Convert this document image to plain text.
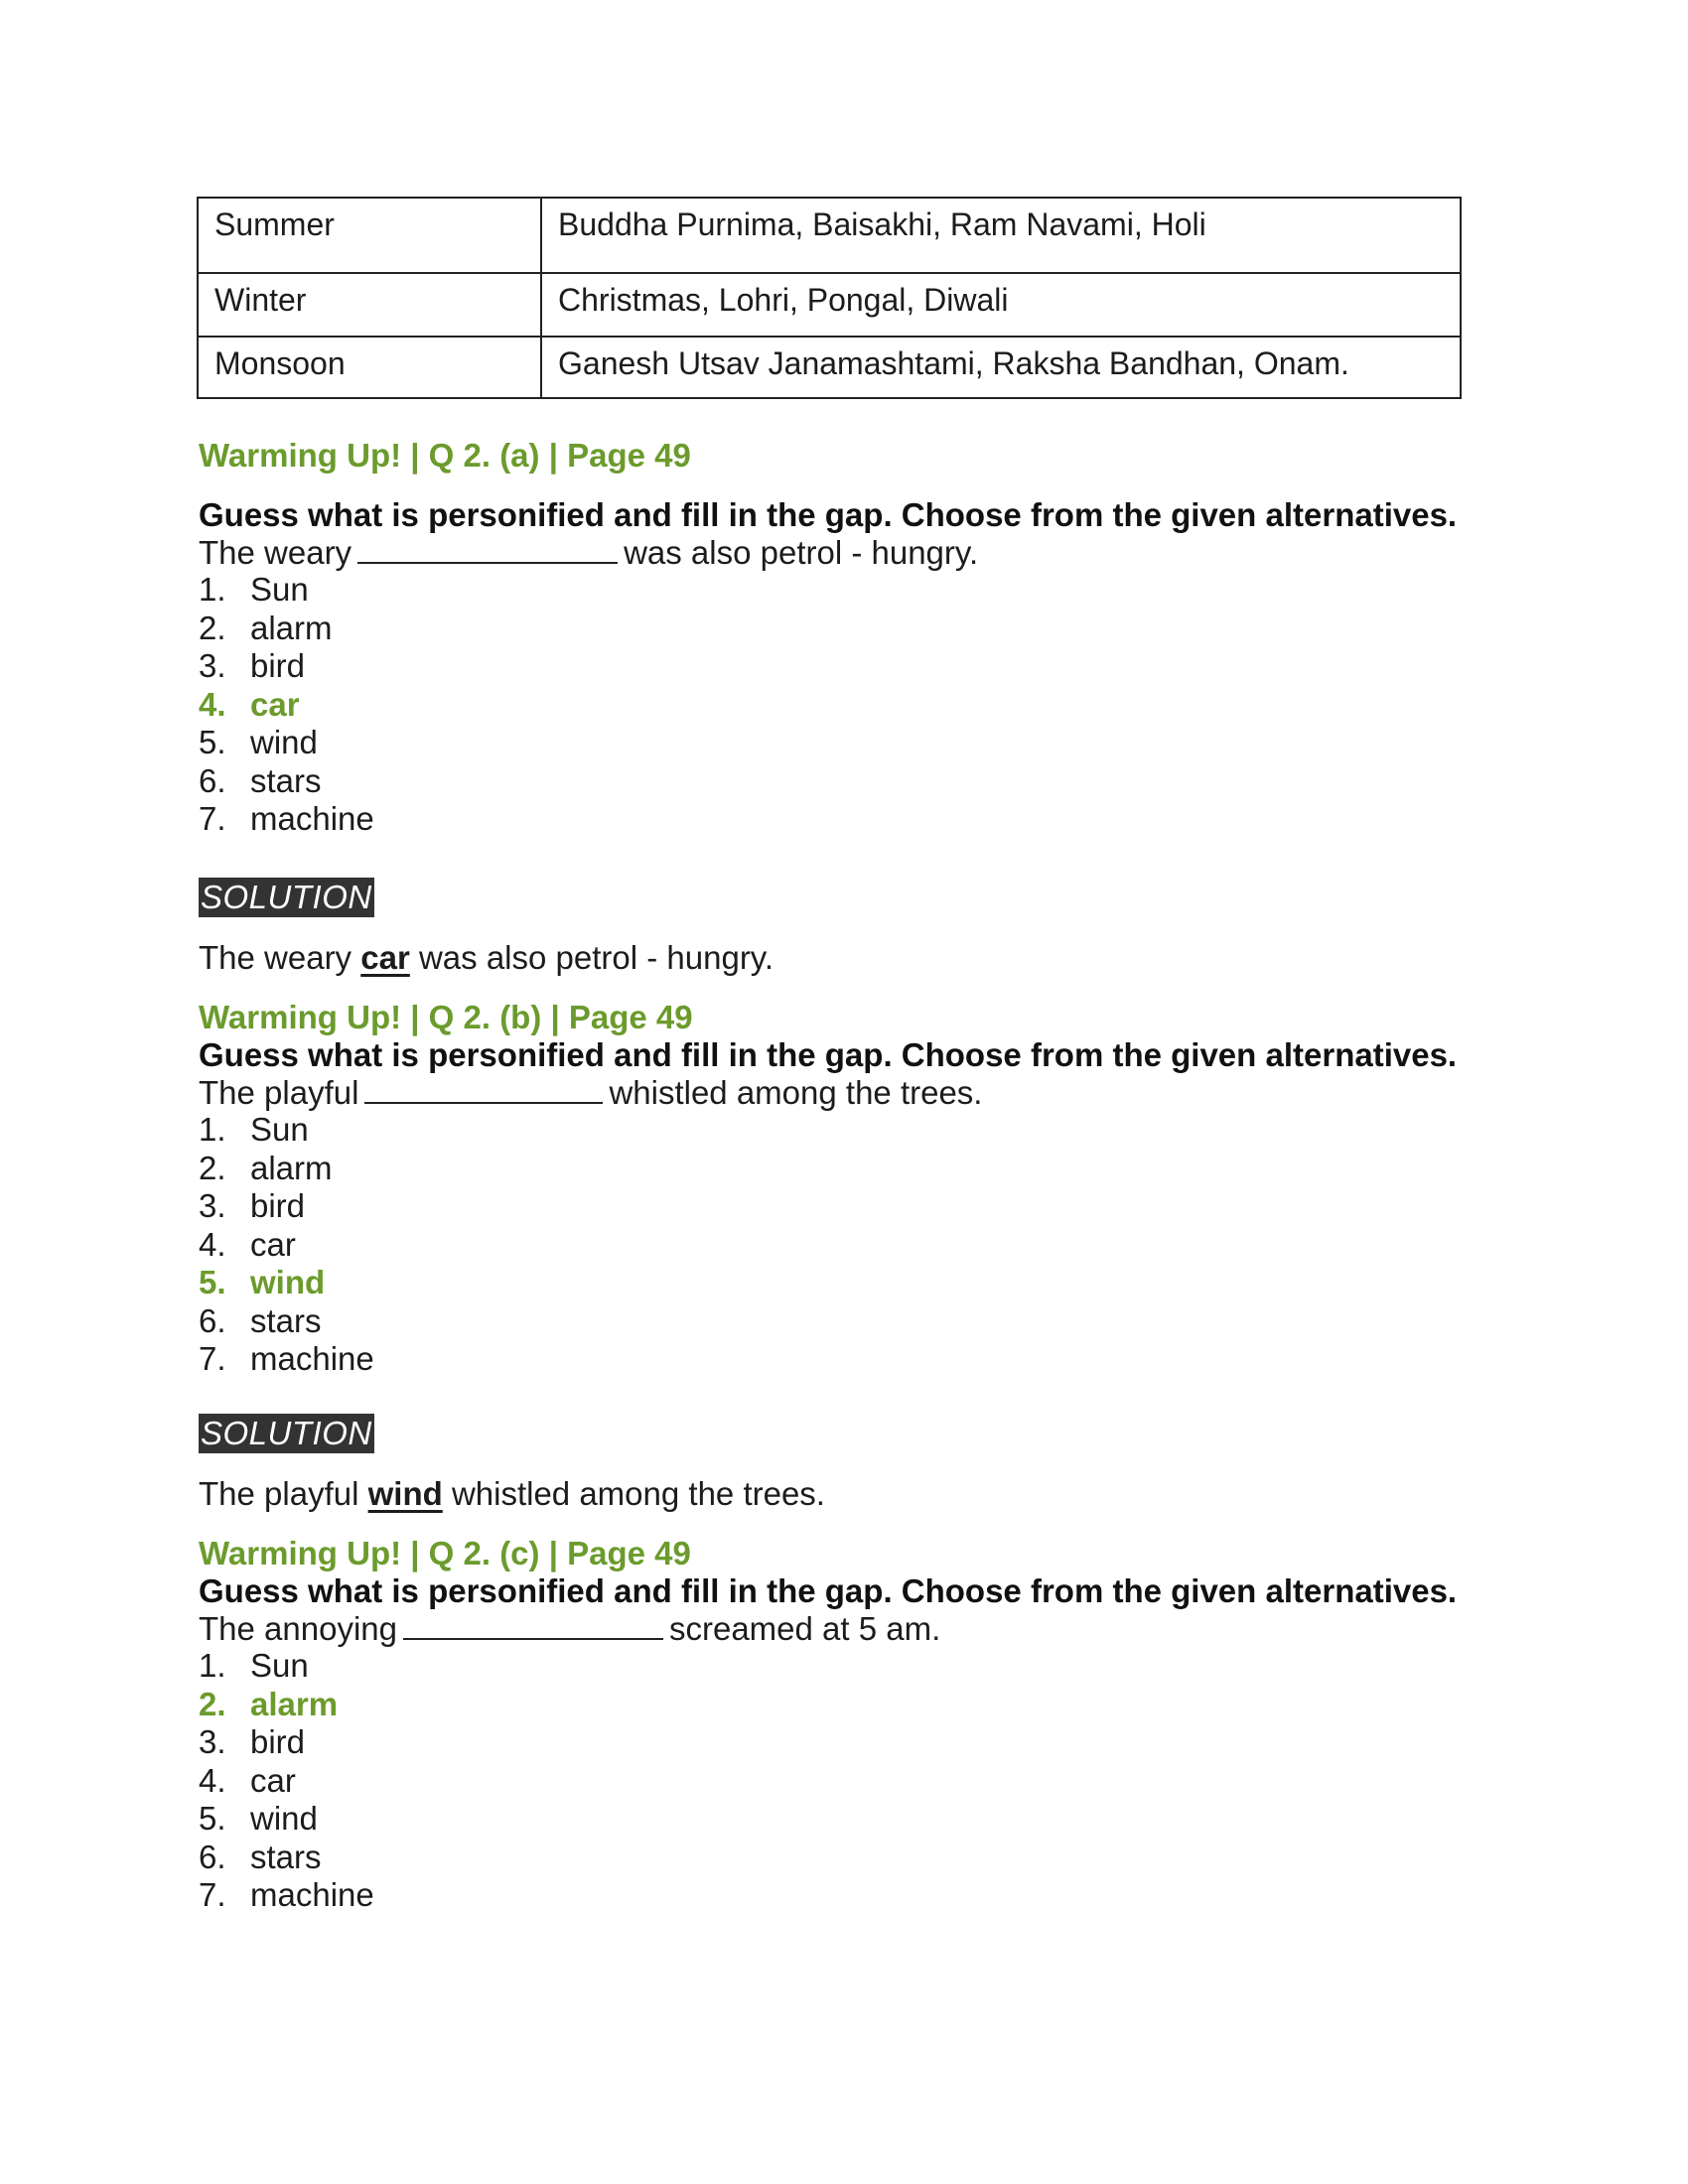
Summer	Buddha Purnima, Baisakhi, Ram Navami, Holi
Winter	Christmas, Lohri, Pongal, Diwali
Monsoon	Ganesh Utsav Janamashtami, Raksha Bandhan, Onam.

Warming Up! | Q 2. (a) | Page 49

Guess what is personified and fill in the gap. Choose from the given alternatives.

The weary	was also petrol - hungry.

1. Sun
2. alarm
3. bird
4. car
5. wind
6. stars
7. machine
SOLUTION

The weary car was also petrol - hungry.

Warming Up! | Q 2. (b) | Page 49

Guess what is personified and fill in the gap. Choose from the given alternatives.

The playful	whistled among the trees.

1. Sun
2. alarm
3. bird
4. car
5. wind
6. stars
7. machine
SOLUTION

The playful wind whistled among the trees.

Warming Up! | Q 2. (c) | Page 49

Guess what is personified and fill in the gap. Choose from the given alternatives.

The annoying	screamed at 5 am.

1. Sun
2. alarm
3. bird
4. car
5. wind
6. stars
7. machine
